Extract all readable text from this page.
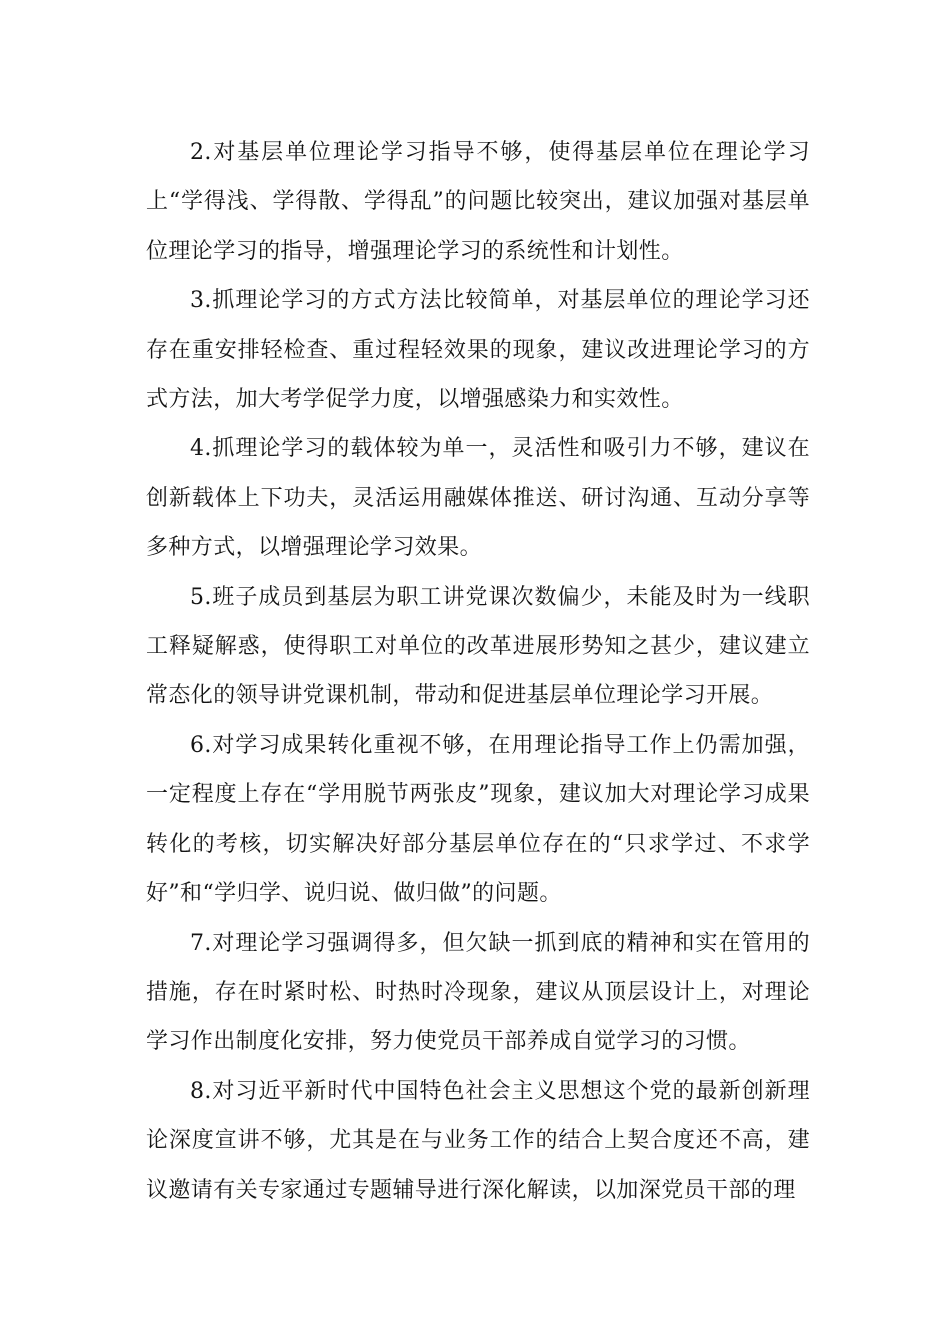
2.对基层单位理论学习指导不够，使得基层单位在理论学习上“学得浅、学得散、学得乱”的问题比较突出，建议加强对基层单位理论学习的指导，增强理论学习的系统性和计划性。

3.抓理论学习的方式方法比较简单，对基层单位的理论学习还存在重安排轻检查、重过程轻效果的现象，建议改进理论学习的方式方法，加大考学促学力度，以增强感染力和实效性。

4.抓理论学习的载体较为单一，灵活性和吸引力不够，建议在创新载体上下功夫，灵活运用融媒体推送、研讨沟通、互动分享等多种方式，以增强理论学习效果。

5.班子成员到基层为职工讲党课次数偏少，未能及时为一线职工释疑解惑，使得职工对单位的改革进展形势知之甚少，建议建立常态化的领导讲党课机制，带动和促进基层单位理论学习开展。

6.对学习成果转化重视不够，在用理论指导工作上仍需加强，一定程度上存在“学用脱节两张皮”现象，建议加大对理论学习成果转化的考核，切实解决好部分基层单位存在的“只求学过、不求学好”和“学归学、说归说、做归做”的问题。

7.对理论学习强调得多，但欠缺一抓到底的精神和实在管用的措施，存在时紧时松、时热时冷现象，建议从顶层设计上，对理论学习作出制度化安排，努力使党员干部养成自觉学习的习惯。

8.对习近平新时代中国特色社会主义思想这个党的最新创新理论深度宣讲不够，尤其是在与业务工作的结合上契合度还不高，建议邀请有关专家通过专题辅导进行深化解读，以加深党员干部的理
